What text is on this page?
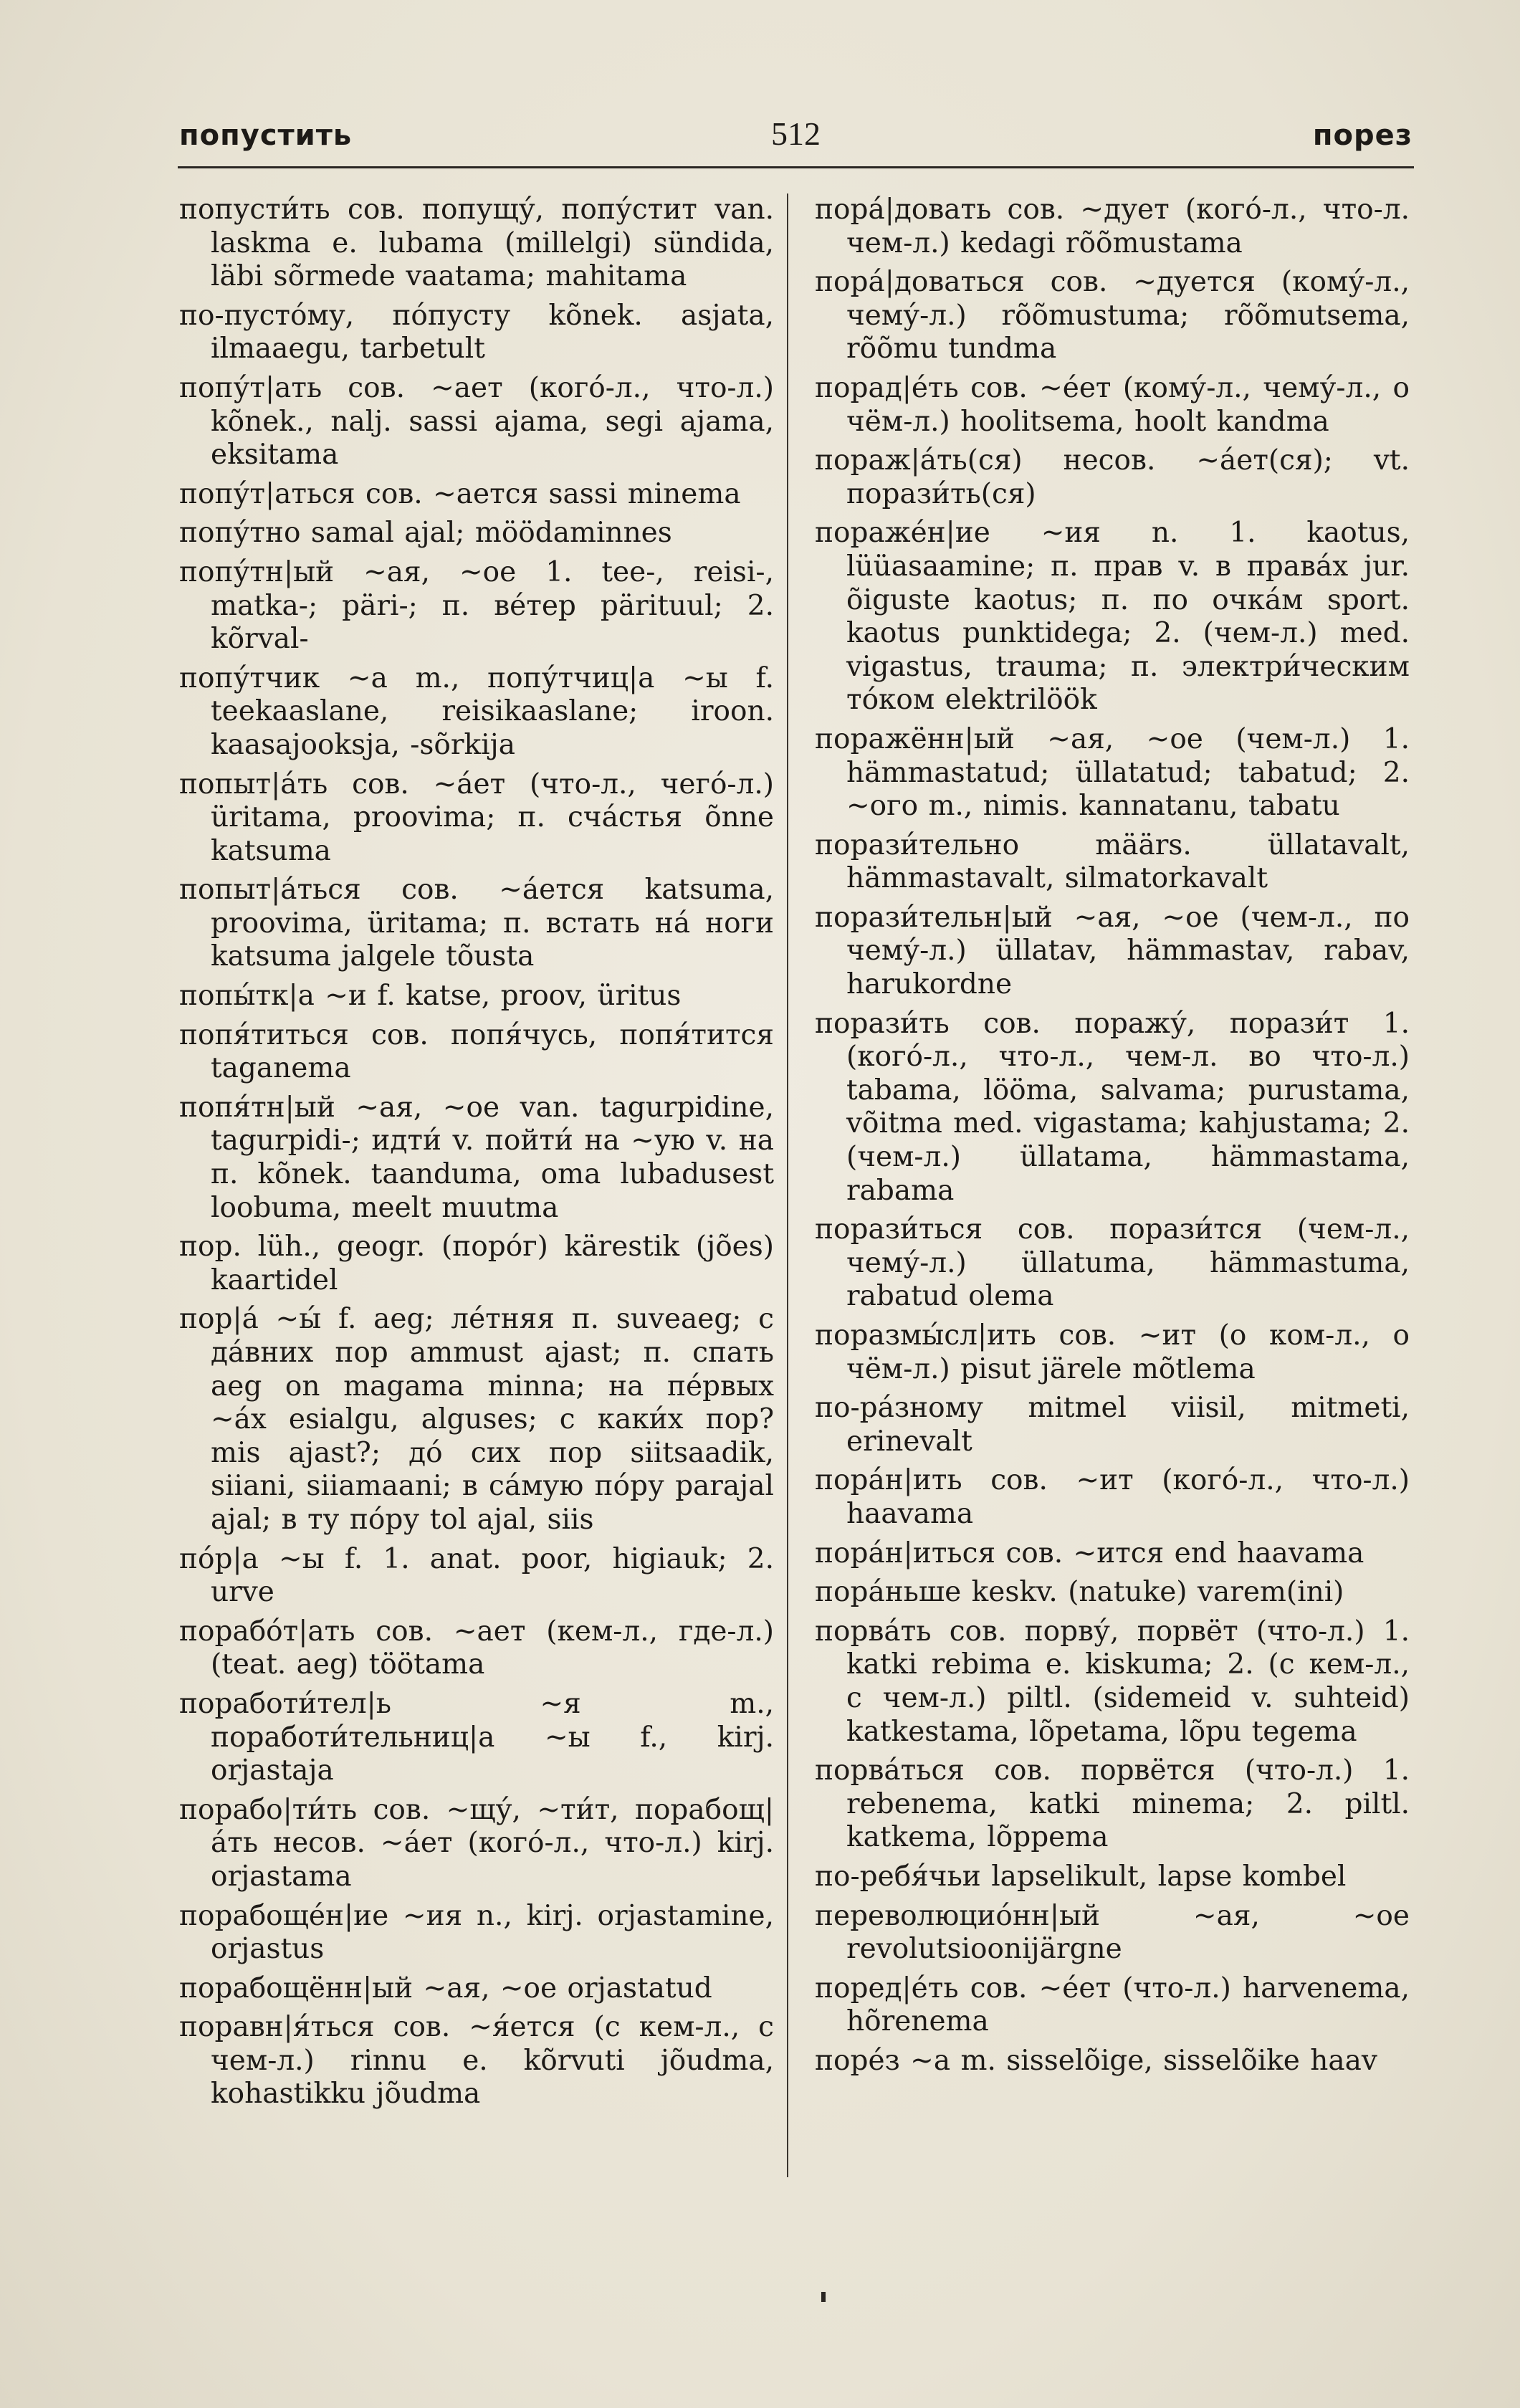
попустить	512	порез

попусти́ть сов. попущу́, попу́стит van. laskma e. lubama (millelgi) sündida, läbi sõrmede vaatama; mahitama

по-пусто́му, по́пусту kõnek. asjata, ilmaaegu, tarbetult

попу́т|ать сов. ~ает (кого́-л., что-л.) kõnek., nalj. sassi ajama, segi ajama, eksitama

попу́т|аться сов. ~ается sassi minema

попу́тно samal ajal; möödaminnes

попу́тн|ый ~ая, ~ое 1. tee-, reisi-, matka-; päri-; п. ве́тер pärituul; 2. kõrval-

попу́тчик ~а m., попу́тчиц|а ~ы f. teekaaslane, reisikaaslane; iroon. kaasajooksja, -sõrkija

попыт|а́ть сов. ~а́ет (что-л., чего́-л.) üritama, proovima; п. сча́стья õnne katsuma

попыт|а́ться сов. ~а́ется katsuma, proovima, üritama; п. встать на́ ноги katsuma jalgele tõusta

попы́тк|а ~и f. katse, proov, üritus

попя́титься сов. попя́чусь, попя́тится taganema

попя́тн|ый ~ая, ~ое van. tagurpidine, tagurpidi-; идти́ v. пойти́ на ~ую v. на п. kõnek. taanduma, oma lubadusest loobuma, meelt muutma

пор. lüh., geogr. (поро́г) kärestik (jões) kaartidel

пор|а́ ~ы́ f. aeg; ле́тняя п. suveaeg; с да́вних пор ammust ajast; п. спать aeg on magama minna; на пе́рвых ~а́х esialgu, alguses; с каки́х пор? mis ajast?; до́ сих пор siitsaadik, siiani, siiamaani; в са́мую по́ру parajal ajal; в ту по́ру tol ajal, siis

по́р|а ~ы f. 1. anat. poor, higiauk; 2. urve

порабо́т|ать сов. ~ает (кем-л., где-л.) (teat. aeg) töötama

поработи́тел|ь ~я m., поработи́тельниц|а ~ы f., kirj. orjastaja

порабо|ти́ть сов. ~щу́, ~ти́т, порабощ|а́ть несов. ~а́ет (кого́-л., что-л.) kirj. orjastama

порабоще́н|ие ~ия n., kirj. orjastamine, orjastus

порабощённ|ый ~ая, ~ое orjastatud

поравн|я́ться сов. ~я́ется (с кем-л., с чем-л.) rinnu e. kõrvuti jõudma, kohastikku jõudma

пора́|довать сов. ~дует (кого́-л., что-л. чем-л.) kedagi rõõmustama

пора́|доваться сов. ~дуется (кому́-л., чему́-л.) rõõmustuma; rõõmutsema, rõõmu tundma

порад|е́ть сов. ~е́ет (кому́-л., чему́-л., о чём-л.) hoolitsema, hoolt kandma

пораж|а́ть(ся) несов. ~а́ет(ся); vt. порази́ть(ся)

пораже́н|ие ~ия n. 1. kaotus, lüüasaamine; п. прав v. в права́х jur. õiguste kaotus; п. по очка́м sport. kaotus punktidega; 2. (чем-л.) med. vigastus, trauma; п. электри́ческим то́ком elektrilöök

поражённ|ый ~ая, ~ое (чем-л.) 1. hämmastatud; üllatatud; tabatud; 2. ~ого m., nimis. kannatanu, tabatu

порази́тельно määrs. üllatavalt, hämmastavalt, silmatorkavalt

порази́тельн|ый ~ая, ~ое (чем-л., по чему́-л.) üllatav, hämmastav, rabav, harukordne

порази́ть сов. поражу́, порази́т 1. (кого́-л., что-л., чем-л. во что-л.) tabama, lööma, salvama; purustama, võitma med. vigastama; kahjustama; 2. (чем-л.) üllatama, hämmastama, rabama

порази́ться сов. порази́тся (чем-л., чему́-л.) üllatuma, hämmastuma, rabatud olema

поразмы́сл|ить сов. ~ит (о ком-л., о чём-л.) pisut järele mõtlema

по-ра́зному mitmel viisil, mitmeti, erinevalt

пора́н|ить сов. ~ит (кого́-л., что-л.) haavama

пора́н|иться сов. ~ится end haavama

пора́ньше keskv. (natuke) varem(ini)

порва́ть сов. порву́, порвёт (что-л.) 1. katki rebima e. kiskuma; 2. (с кем-л., с чем-л.) piltl. (sidemeid v. suhteid) katkestama, lõpetama, lõpu tegema

порва́ться сов. порвётся (что-л.) 1. rebenema, katki minema; 2. piltl. katkema, lõppema

по-ребя́чьи lapselikult, lapse kombel

переволюцио́нн|ый ~ая, ~ое revolutsioonijärgne

поред|е́ть сов. ~е́ет (что-л.) harvenema, hõrenema

поре́з ~а m. sisselõige, sisselõike haav
